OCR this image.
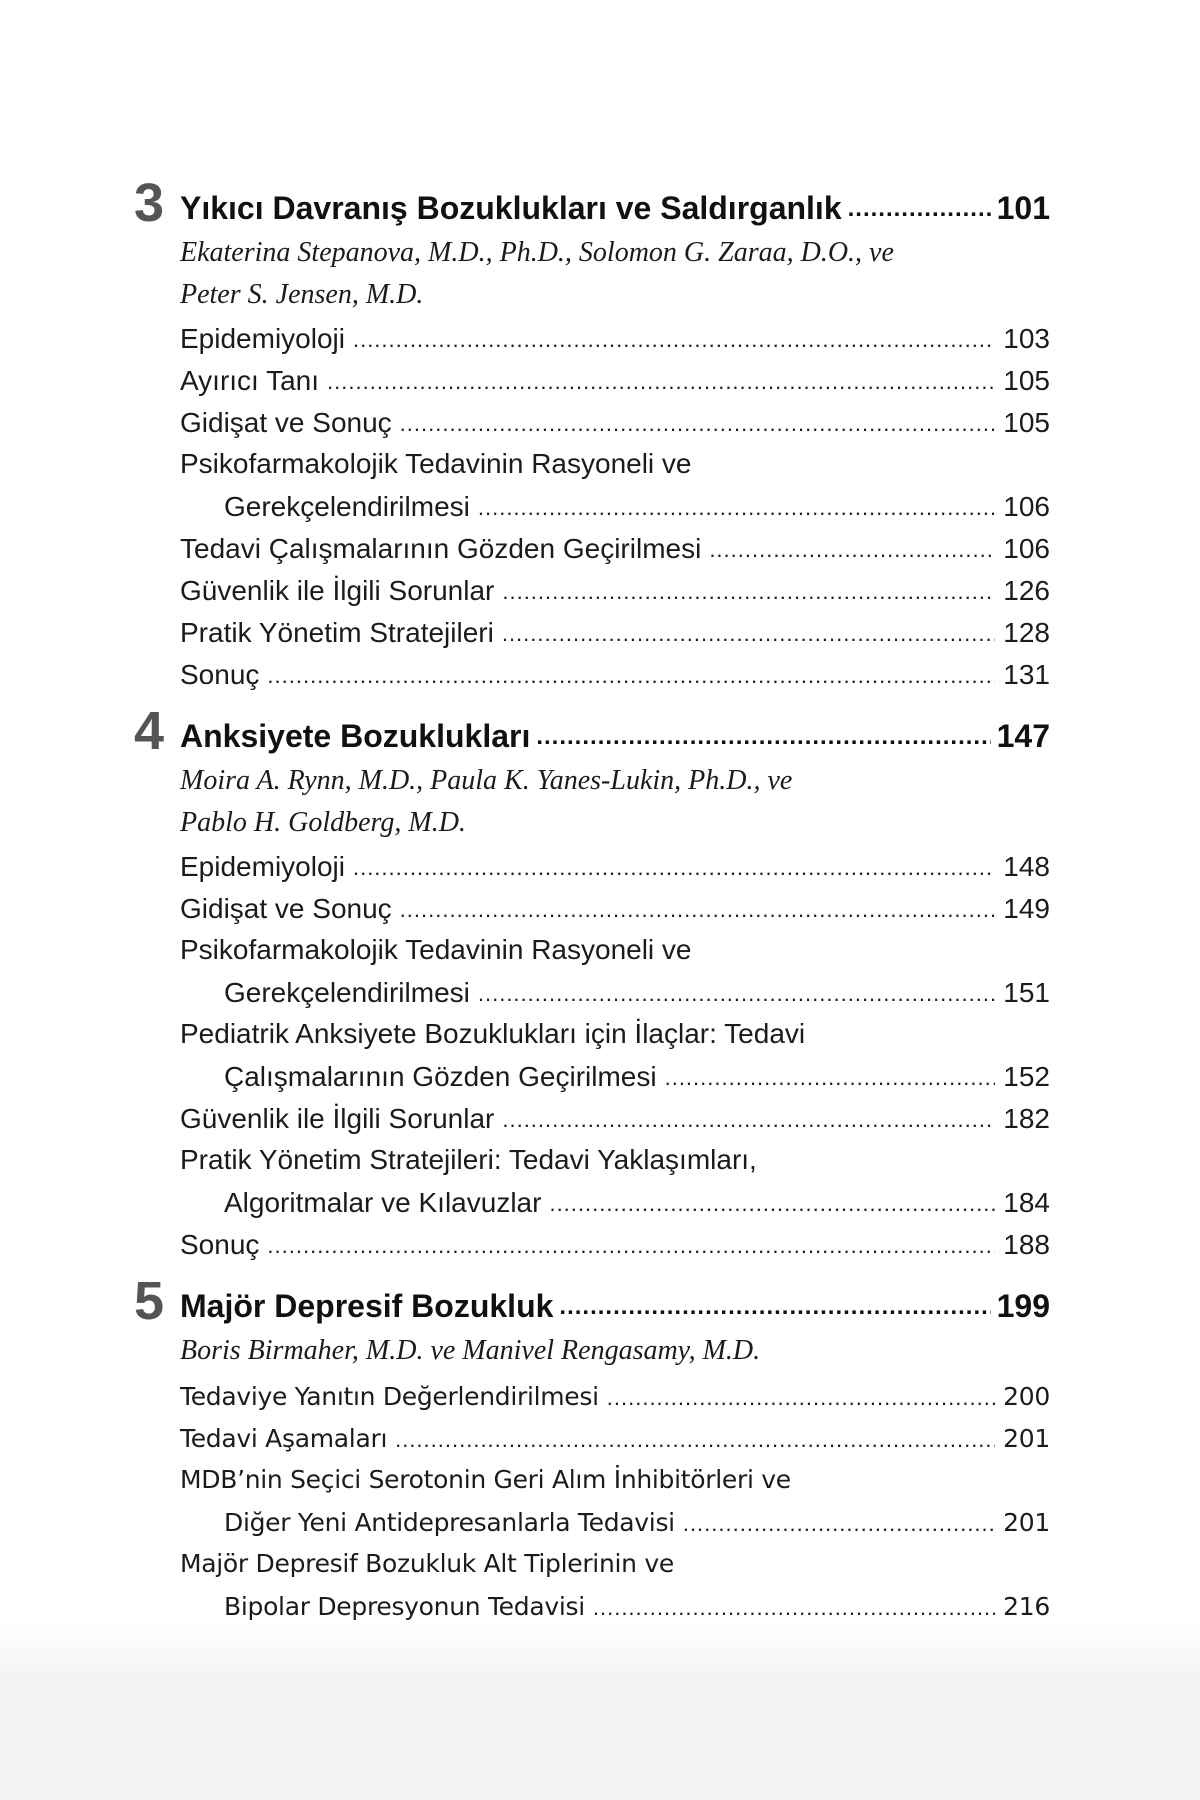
3 Yıkıcı Davranış Bozuklukları ve Saldırganlık .....	101
Ekaterina Stepanova, M.D., Ph.D., Solomon G. Zaraa, D.O., ve
Peter S. Jensen, M.D.
Epidemiyoloji .....	103
Ayırıcı Tanı .....	105
Gidişat ve Sonuç .....	105
Psikofarmakolojik Tedavinin Rasyoneli ve
Gerekçelendirilmesi .....	106
Tedavi Çalışmalarının Gözden Geçirilmesi .....	106
Güvenlik ile İlgili Sorunlar .....	126
Pratik Yönetim Stratejileri .....	128
Sonuç .....	131
4 Anksiyete Bozuklukları .....	147
Moira A. Rynn, M.D., Paula K. Yanes-Lukin, Ph.D., ve
Pablo H. Goldberg, M.D.
Epidemiyoloji .....	148
Gidişat ve Sonuç .....	149
Psikofarmakolojik Tedavinin Rasyoneli ve
Gerekçelendirilmesi .....	151
Pediatrik Anksiyete Bozuklukları için İlaçlar: Tedavi
Çalışmalarının Gözden Geçirilmesi .....	152
Güvenlik ile İlgili Sorunlar .....	182
Pratik Yönetim Stratejileri: Tedavi Yaklaşımları,
Algoritmalar ve Kılavuzlar .....	184
Sonuç .....	188
5 Majör Depresif Bozukluk .....	199
Boris Birmaher, M.D. ve Manivel Rengasamy, M.D.
Tedaviye Yanıtın Değerlendirilmesi .....	200
Tedavi Aşamaları .....	201
MDB’nin Seçici Serotonin Geri Alım İnhibitörleri ve
Diğer Yeni Antidepresanlarla Tedavisi .....	201
Majör Depresif Bozukluk Alt Tiplerinin ve
Bipolar Depresyonun Tedavisi .....	216
